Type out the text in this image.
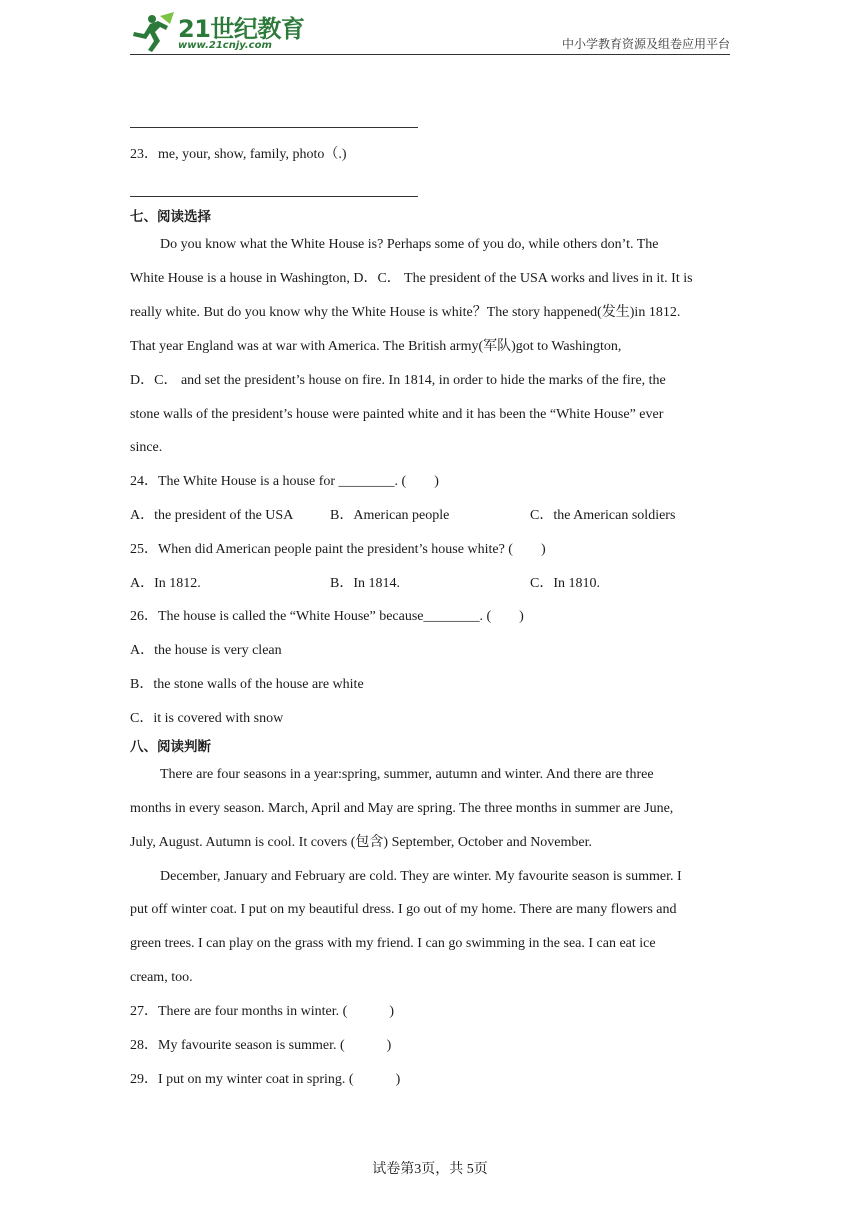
21世纪教育
www.21cnjy.com	中小学教育资源及组卷应用平台
23．me, your, show, family, photo（.)
七、阅读选择
Do you know what the White House is? Perhaps some of you do, while others don’t. The
White House is a house in Washington, D．C． The president of the USA works and lives in it. It is
really white. But do you know why the White House is white？The story happened(发生)in 1812.
That year England was at war with America. The British army(军队)got to Washington,
D．C． and set the president’s house on fire. In 1814, in order to hide the marks of the fire, the
stone walls of the president’s house were painted white and it has been the “White House” ever
since.
24．The White House is a house for ________. (　　)
A．the president of the USA	B．American people	C．the American soldiers
25．When did American people paint the president’s house white? (　　)
A．In 1812.	B．In 1814.	C．In 1810.
26．The house is called the “White House” because________. (　　)
A．the house is very clean
B．the stone walls of the house are white
C．it is covered with snow
八、阅读判断
There are four seasons in a year:spring, summer, autumn and winter. And there are three
months in every season. March, April and May are spring. The three months in summer are June,
July, August. Autumn is cool. It covers (包含) September, October and November.
December, January and February are cold. They are winter. My favourite season is summer. I
put off winter coat. I put on my beautiful dress. I go out of my home. There are many flowers and
green trees. I can play on the grass with my friend. I can go swimming in the sea. I can eat ice
cream, too.
27．There are four months in winter. (　　　)
28．My favourite season is summer. (　　　)
29．I put on my winter coat in spring. (　　　)
试卷第3页，共 5页
